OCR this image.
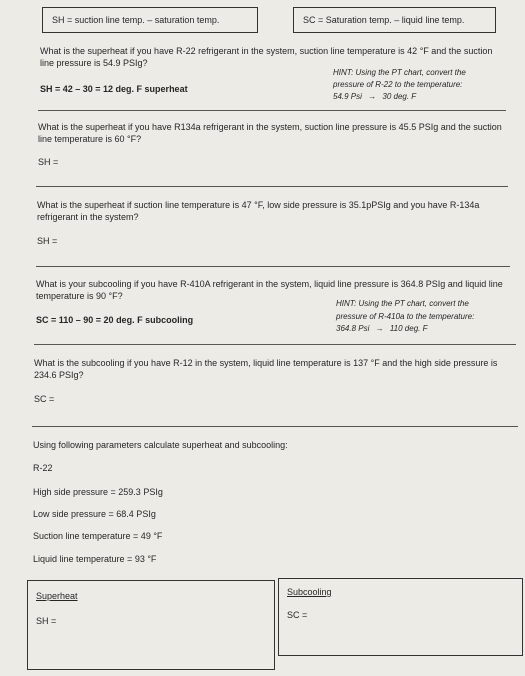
SH = suction line temp. – saturation temp.	SC = Saturation temp. – liquid line temp.
What is the superheat if you have R-22 refrigerant in the system, suction line temperature is 42 °F and the suction line pressure is 54.9 PSIg?
SH = 42 – 30 = 12 deg. F superheat
HINT: Using the PT chart, convert the
pressure of R-22 to the temperature:
54.9 Psi → 30 deg. F
What is the superheat if you have R134a refrigerant in the system, suction line pressure is 45.5 PSIg and the suction line temperature is 60 °F?
SH =
What is the superheat if suction line temperature is 47 °F, low side pressure is 35.1pPSIg and you have R-134a refrigerant in the system?
SH =
What is your subcooling if you have R-410A refrigerant in the system, liquid line pressure is 364.8 PSIg and liquid line temperature is 90 °F?
SC = 110 – 90 = 20 deg. F subcooling
HINT: Using the PT chart, convert the
pressure of R-410a to the temperature:
364.8 Psi → 110 deg. F
What is the subcooling if you have R-12 in the system, liquid line temperature is 137 °F and the high side pressure is 234.6 PSIg?
SC =
Using following parameters calculate superheat and subcooling:
R-22
High side pressure = 259.3 PSIg
Low side pressure = 68.4 PSIg
Suction line temperature = 49 °F
Liquid line temperature = 93 °F
Superheat
SH =
Subcooling
SC =
